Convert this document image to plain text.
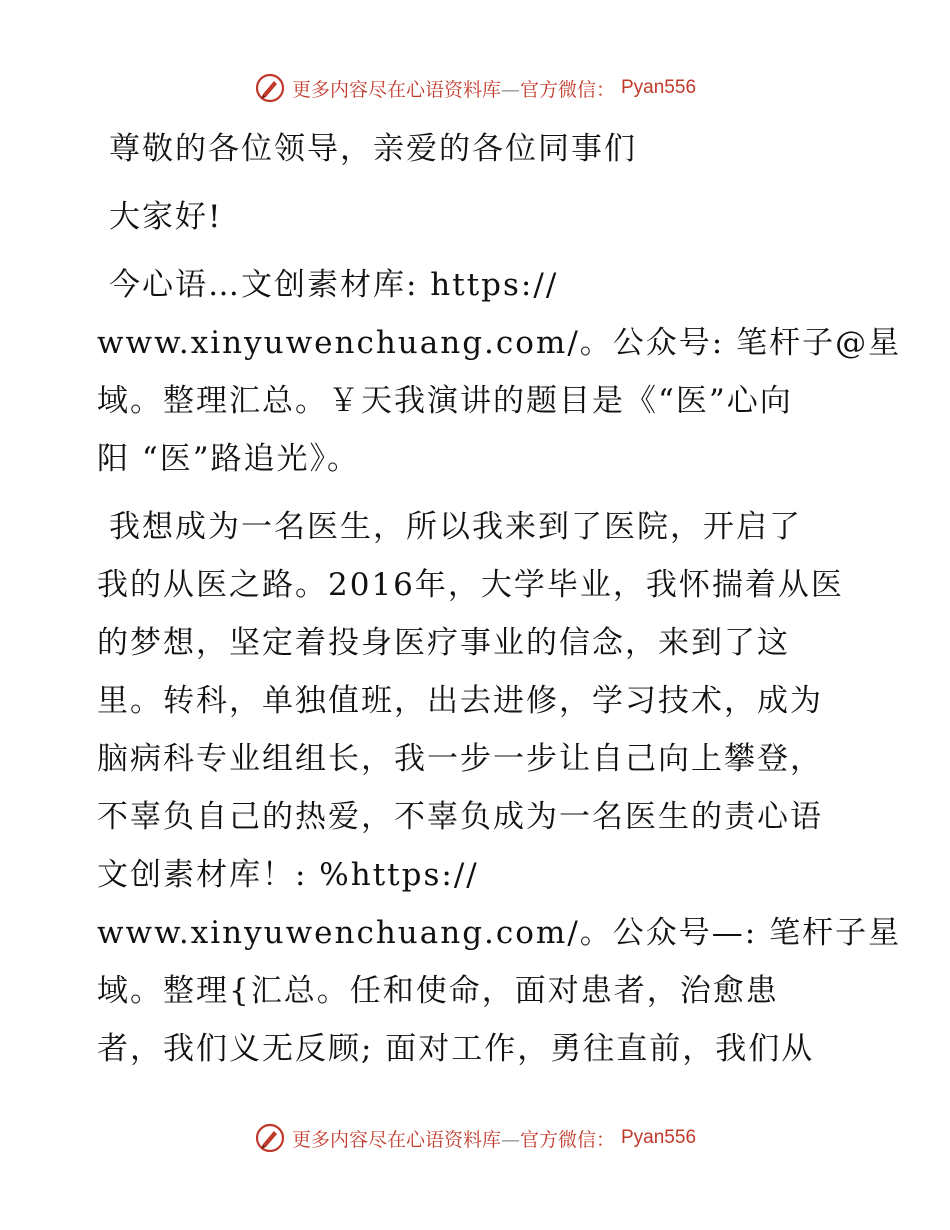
更多内容尽在心语资料库—官方微信： Pyan556

尊敬的各位领导，亲爱的各位同事们

大家好!

今心语…文创素材库: https://

www.xinyuwenchuang.com/。公众号: 笔杆子@星

域。整理汇总。￥天我演讲的题目是《“医”心向

阳 “医”路追光》。

我想成为一名医生，所以我来到了医院，开启了

我的从医之路。2016年，大学毕业，我怀揣着从医

的梦想，坚定着投身医疗事业的信念，来到了这

里。转科，单独值班，出去进修，学习技术，成为

脑病科专业组组长，我一步一步让自己向上攀登，

不辜负自己的热爱，不辜负成为一名医生的责心语

文创素材库！: %https://

www.xinyuwenchuang.com/。公众号—: 笔杆子星

域。整理{汇总。任和使命，面对患者，治愈患

者，我们义无反顾; 面对工作，勇往直前，我们从

更多内容尽在心语资料库—官方微信： Pyan556
